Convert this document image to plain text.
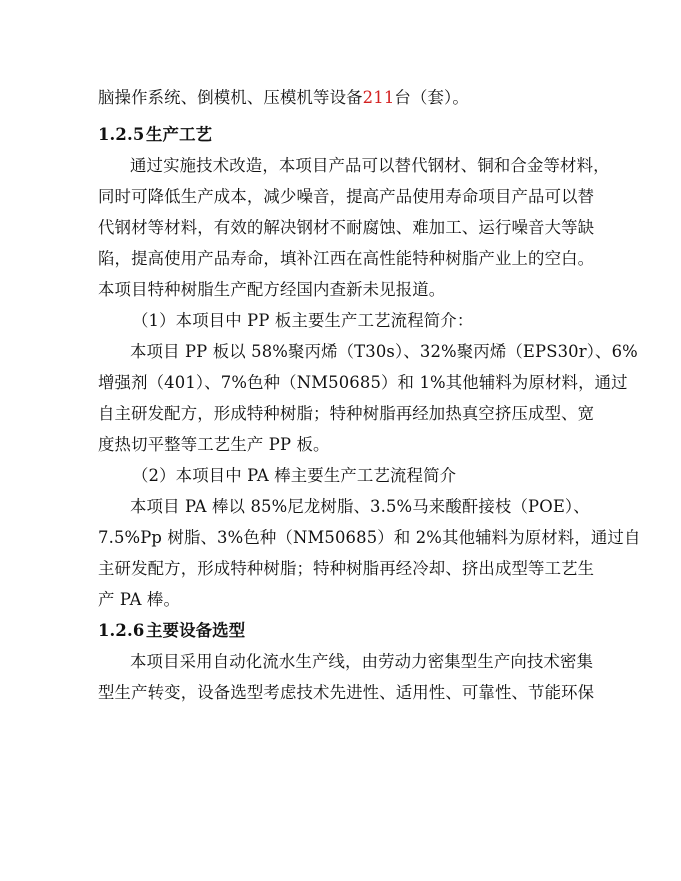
脑操作系统、倒模机、压模机等设备211台（套）。
1.2.5生产工艺
通过实施技术改造，本项目产品可以替代钢材、铜和合金等材料，
同时可降低生产成本，减少噪音，提高产品使用寿命项目产品可以替
代钢材等材料，有效的解决钢材不耐腐蚀、难加工、运行噪音大等缺
陷，提高使用产品寿命，填补江西在高性能特种树脂产业上的空白。
本项目特种树脂生产配方经国内查新未见报道。
（1）本项目中 PP 板主要生产工艺流程简介：
本项目 PP 板以 58%聚丙烯（T30s）、32%聚丙烯（EPS30r）、6%
增强剂（401）、7%色种（NM50685）和 1%其他辅料为原材料，通过
自主研发配方，形成特种树脂；特种树脂再经加热真空挤压成型、宽
度热切平整等工艺生产 PP 板。
（2）本项目中 PA 棒主要生产工艺流程简介
本项目 PA 棒以 85%尼龙树脂、3.5%马来酸酐接枝（POE）、
7.5%Pp 树脂、3%色种（NM50685）和 2%其他辅料为原材料，通过自
主研发配方，形成特种树脂；特种树脂再经冷却、挤出成型等工艺生
产 PA 棒。
1.2.6主要设备选型
本项目采用自动化流水生产线，由劳动力密集型生产向技术密集
型生产转变，设备选型考虑技术先进性、适用性、可靠性、节能环保
